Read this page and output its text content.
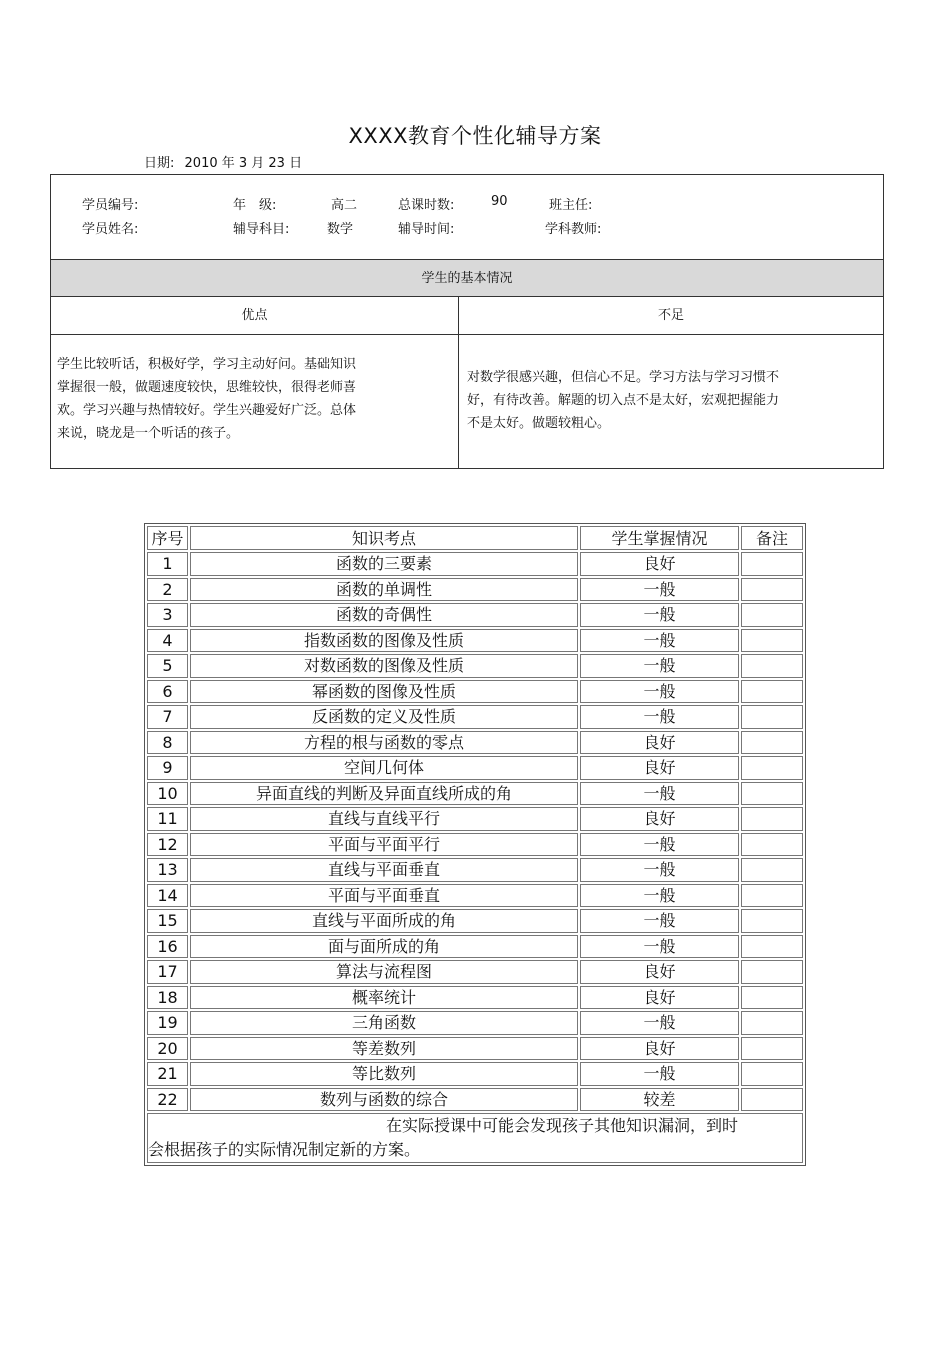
XXXX教育个性化辅导方案
日期: 2010 年 3 月 23 日
学员编号:	年　级:	高二	总课时数:	90	班主任:
学员姓名:	辅导科目:	数学	辅导时间:	学科教师:
学生的基本情况
优点	不足
学生比较听话，积极好学，学习主动好问。基础知识
掌握很一般，做题速度较快，思维较快，很得老师喜
欢。学习兴趣与热情较好。学生兴趣爱好广泛。总体
来说，晓龙是一个听话的孩子。
对数学很感兴趣，但信心不足。学习方法与学习习惯不
好，有待改善。解题的切入点不是太好，宏观把握能力
不是太好。做题较粗心。
序号	知识考点	学生掌握情况	备注
1	函数的三要素	良好	
2	函数的单调性	一般	
3	函数的奇偶性	一般	
4	指数函数的图像及性质	一般	
5	对数函数的图像及性质	一般	
6	幂函数的图像及性质	一般	
7	反函数的定义及性质	一般	
8	方程的根与函数的零点	良好	
9	空间几何体	良好	
10	异面直线的判断及异面直线所成的角	一般	
11	直线与直线平行	良好	
12	平面与平面平行	一般	
13	直线与平面垂直	一般	
14	平面与平面垂直	一般	
15	直线与平面所成的角	一般	
16	面与面所成的角	一般	
17	算法与流程图	良好	
18	概率统计	良好	
19	三角函数	一般	
20	等差数列	良好	
21	等比数列	一般	
22	数列与函数的综合	较差	

在实际授课中可能会发现孩子其他知识漏洞，到时
会根据孩子的实际情况制定新的方案。			
